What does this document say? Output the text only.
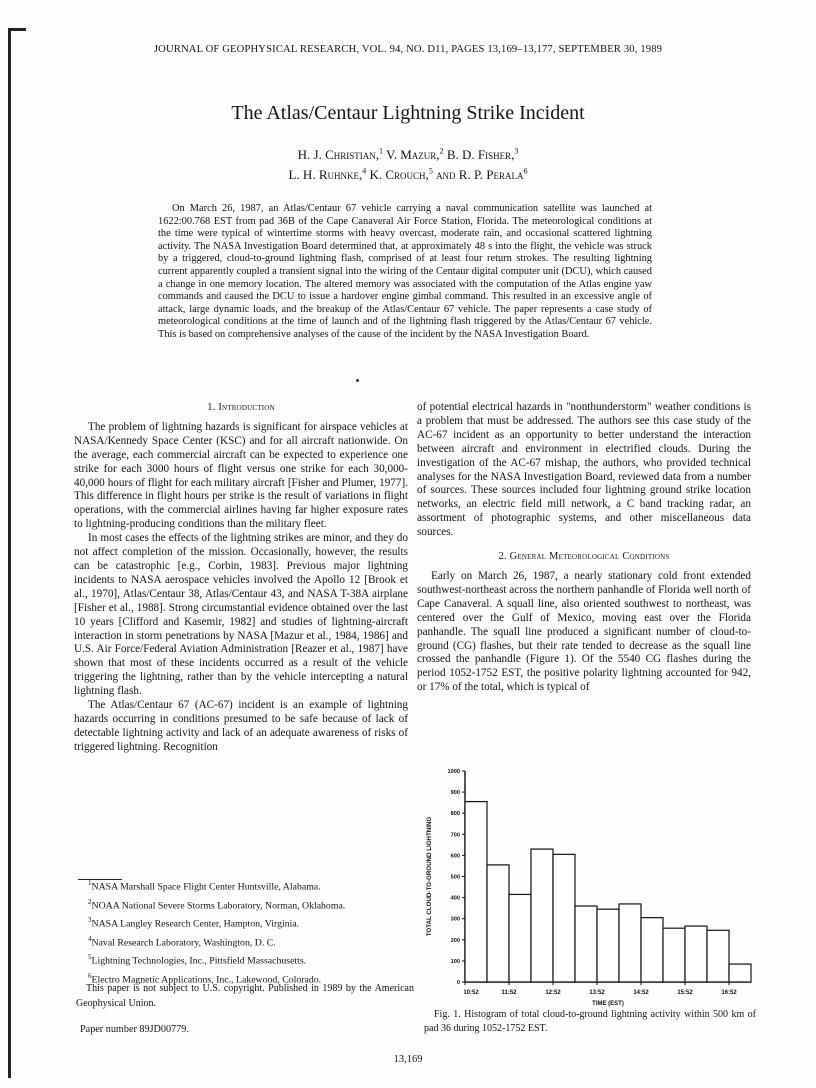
JOURNAL OF GEOPHYSICAL RESEARCH, VOL. 94, NO. D11, PAGES 13,169–13,177, SEPTEMBER 30, 1989
The Atlas/Centaur Lightning Strike Incident
H. J. Christian,$^1$ V. Mazur,$^2$ B. D. Fisher,$^3$
L. H. Ruhnke,$^4$ K. Crouch,$^5$ and R. P. Perala$^6$
On March 26, 1987, an Atlas/Centaur 67 vehicle carrying a naval communication satellite was launched at 1622:00.768 EST from pad 36B of the Cape Canaveral Air Force Station, Florida. The meteorological conditions at the time were typical of wintertime storms with heavy overcast, moderate rain, and occasional scattered lightning activity. The NASA Investigation Board determined that, at approximately 48 s into the flight, the vehicle was struck by a triggered, cloud-to-ground lightning flash, comprised of at least four return strokes. The resulting lightning current apparently coupled a transient signal into the wiring of the Centaur digital computer unit (DCU), which caused a change in one memory location. The altered memory was associated with the computation of the Atlas engine yaw commands and caused the DCU to issue a hardover engine gimbal command. This resulted in an excessive angle of attack, large dynamic loads, and the breakup of the Atlas/Centaur 67 vehicle. The paper represents a case study of meteorological conditions at the time of launch and of the lightning flash triggered by the Atlas/Centaur 67 vehicle. This is based on comprehensive analyses of the cause of the incident by the NASA Investigation Board.
1. Introduction

The problem of lightning hazards is significant for airspace vehicles at NASA/Kennedy Space Center (KSC) and for all aircraft nationwide. On the average, each commercial aircraft can be expected to experience one strike for each 3000 hours of flight versus one strike for each 30,000-40,000 hours of flight for each military aircraft [Fisher and Plumer, 1977]. This difference in flight hours per strike is the result of variations in flight operations, with the commercial airlines having far higher exposure rates to lightning-producing conditions than the military fleet.

In most cases the effects of the lightning strikes are minor, and they do not affect completion of the mission. Occasionally, however, the results can be catastrophic [e.g., Corbin, 1983]. Previous major lightning incidents to NASA aerospace vehicles involved the Apollo 12 [Brook et al., 1970], Atlas/Centaur 38, Atlas/Centaur 43, and NASA T-38A airplane [Fisher et al., 1988]. Strong circumstantial evidence obtained over the last 10 years [Clifford and Kasemir, 1982] and studies of lightning-aircraft interaction in storm penetrations by NASA [Mazur et al., 1984, 1986] and U.S. Air Force/Federal Aviation Administration [Reazer et al., 1987] have shown that most of these incidents occurred as a result of the vehicle triggering the lightning, rather than by the vehicle intercepting a natural lightning flash.

The Atlas/Centaur 67 (AC-67) incident is an example of lightning hazards occurring in conditions presumed to be safe because of lack of detectable lightning activity and lack of an adequate awareness of risks of triggered lightning. Recognition

of potential electrical hazards in "nonthunderstorm" weather conditions is a problem that must be addressed. The authors see this case study of the AC-67 incident as an opportunity to better understand the interaction between aircraft and environment in electrified clouds. During the investigation of the AC-67 mishap, the authors, who provided technical analyses for the NASA Investigation Board, reviewed data from a number of sources. These sources included four lightning ground strike location networks, an electric field mill network, a C band tracking radar, an assortment of photographic systems, and other miscellaneous data sources.

2. General Meteorological Conditions

Early on March 26, 1987, a nearly stationary cold front extended southwest-northeast across the northern panhandle of Florida well north of Cape Canaveral. A squall line, also oriented southwest to northeast, was centered over the Gulf of Mexico, moving east over the Florida panhandle. The squall line produced a significant number of cloud-to-ground (CG) flashes, but their rate tended to decrease as the squall line crossed the panhandle (Figure 1). Of the 5540 CG flashes during the period 1052-1752 EST, the positive polarity lightning accounted for 942, or 17% of the total, which is typical of

$^1$NASA Marshall Space Flight Center Huntsville, Alabama.
$^2$NOAA National Severe Storms Laboratory, Norman, Oklahoma.
$^3$NASA Langley Research Center, Hampton, Virginia.
$^4$Naval Research Laboratory, Washington, D. C.
$^5$Lightning Technologies, Inc., Pittsfield Massachusetts.
$^6$Electro Magnetic Applications, Inc., Lakewood, Colorado.
This paper is not subject to U.S. copyright. Published in 1989 by the American Geophysical Union.
Paper number 89JD00779.
0
100
200
300
400
500
600
700
800
900
1000
10:52	11:52	12:52	13:52	14:52	15:52	16:52
TIME (EST)
TOTAL CLOUD-TO-GROUND LIGHTNING
Fig. 1. Histogram of total cloud-to-ground lightning activity within 500 km of pad 36 during 1052-1752 EST.
13,169
